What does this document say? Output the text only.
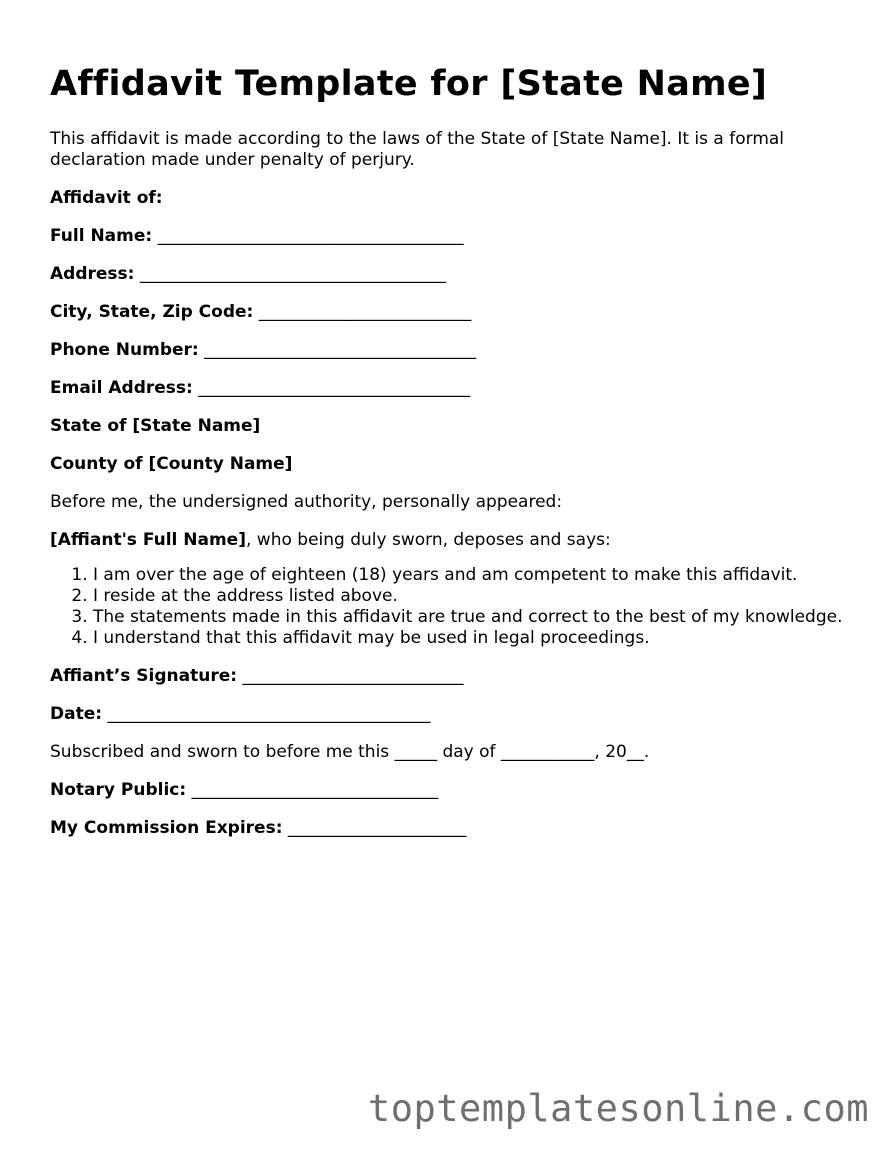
Affidavit Template for [State Name]

This affidavit is made according to the laws of the State of [State Name]. It is a formal declaration made under penalty of perjury.

Affidavit of:

Full Name: ____________________________________

Address: ____________________________________

City, State, Zip Code: _________________________

Phone Number: ________________________________

Email Address: ________________________________

State of [State Name]

County of [County Name]

Before me, the undersigned authority, personally appeared:

[Affiant's Full Name], who being duly sworn, deposes and says:

1. I am over the age of eighteen (18) years and am competent to make this affidavit.
2. I reside at the address listed above.
3. The statements made in this affidavit are true and correct to the best of my knowledge.
4. I understand that this affidavit may be used in legal proceedings.

Affiant’s Signature: __________________________

Date: ______________________________________

Subscribed and sworn to before me this _____ day of ___________, 20__.

Notary Public: _____________________________

My Commission Expires: _____________________

toptemplatesonline.com
